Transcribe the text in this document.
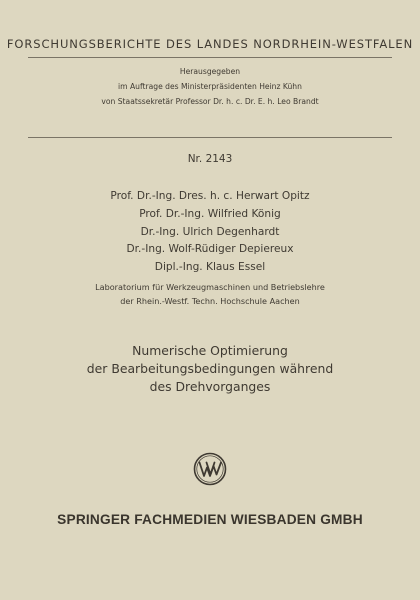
FORSCHUNGSBERICHTE DES LANDES NORDRHEIN-WESTFALEN
Herausgegeben
im Auftrage des Ministerpräsidenten Heinz Kühn
von Staatssekretär Professor Dr. h. c. Dr. E. h. Leo Brandt
Nr. 2143
Prof. Dr.-Ing. Dres. h. c. Herwart Opitz
Prof. Dr.-Ing. Wilfried König
Dr.-Ing. Ulrich Degenhardt
Dr.-Ing. Wolf-Rüdiger Depiereux
Dipl.-Ing. Klaus Essel
Laboratorium für Werkzeugmaschinen und Betriebslehre
der Rhein.-Westf. Techn. Hochschule Aachen
Numerische Optimierung
der Bearbeitungsbedingungen während
des Drehvorganges
SPRINGER FACHMEDIEN WIESBADEN GMBH
